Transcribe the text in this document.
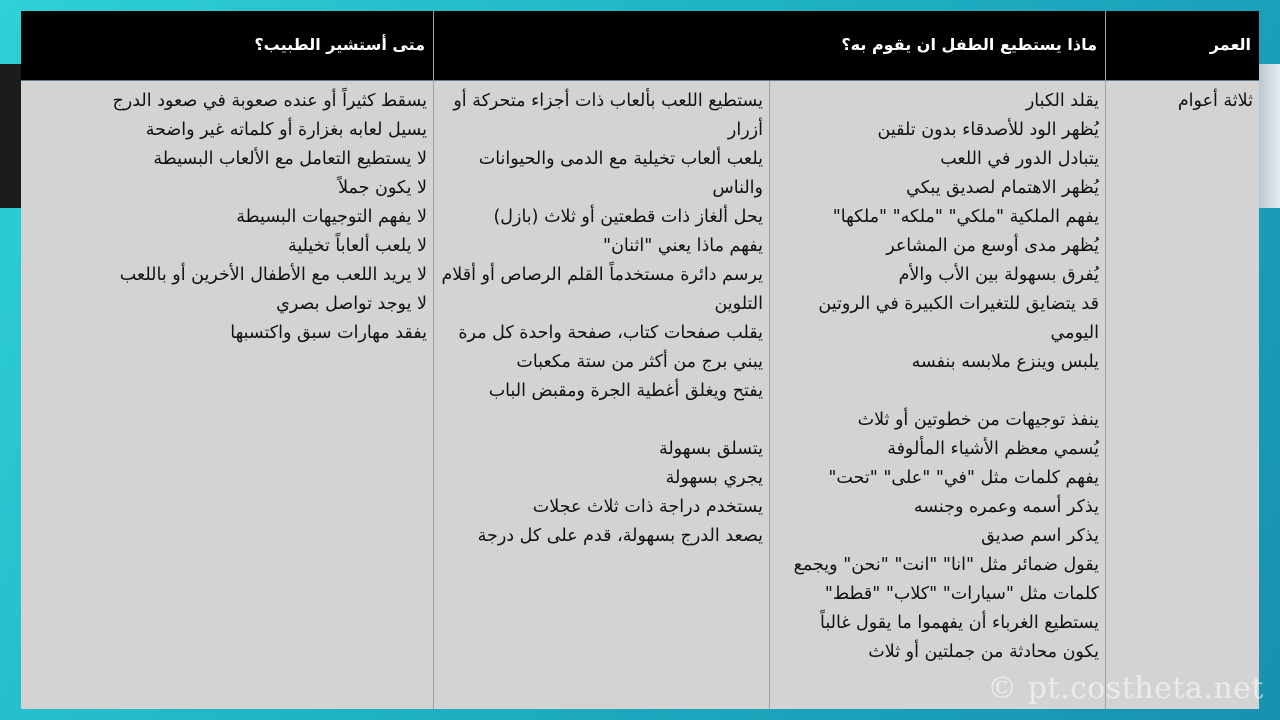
العمر
ماذا يستطيع الطفل ان يقوم به؟
متى أستشير الطبيب؟
ثلاثة أعوام
يقلد الكبار
يُظهر الود للأصدقاء بدون تلقين
يتبادل الدور في اللعب
يُظهر الاهتمام لصديق يبكي
يفهم الملكية "ملكي" "ملكه" "ملكها"
يُظهر مدى أوسع من المشاعر
يُفرق بسهولة بين الأب والأم
قد يتضايق للتغيرات الكبيرة في الروتين اليومي
يلبس وينزع ملابسه بنفسه
ينفذ توجيهات من خطوتين أو ثلاث
يُسمي معظم الأشياء المألوفة
يفهم كلمات مثل "في" "على" "تحت"
يذكر أسمه وعمره وجنسه
يذكر اسم صديق
يقول ضمائر مثل "انا" "انت" "نحن" ويجمع كلمات مثل "سيارات" "كلاب" "قطط"
يستطيع الغرباء أن يفهموا ما يقول غالباً
يكون محادثة من جملتين أو ثلاث
يستطيع اللعب بألعاب ذات أجزاء متحركة أو أزرار
يلعب ألعاب تخيلية مع الدمى والحيوانات والناس
يحل ألغاز ذات قطعتين أو ثلاث (بازل)
يفهم ماذا يعني "اثنان"
يرسم دائرة مستخدماً القلم الرصاص أو أقلام التلوين
يقلب صفحات كتاب، صفحة واحدة كل مرة
يبني برج من أكثر من ستة مكعبات
يفتح ويغلق أغطية الجرة ومقبض الباب
يتسلق بسهولة
يجري بسهولة
يستخدم دراجة ذات ثلاث عجلات
يصعد الدرج بسهولة، قدم على كل درجة
يسقط كثيراً أو عنده صعوبة في صعود الدرج
يسيل لعابه بغزارة أو كلماته غير واضحة
لا يستطيع التعامل مع الألعاب البسيطة
لا يكون جملاً
لا يفهم التوجيهات البسيطة
لا يلعب ألعاباً تخيلية
لا يريد اللعب مع الأطفال الأخرين أو باللعب
لا يوجد تواصل بصري
يفقد مهارات سبق واكتسبها
© pt.costheta.net
